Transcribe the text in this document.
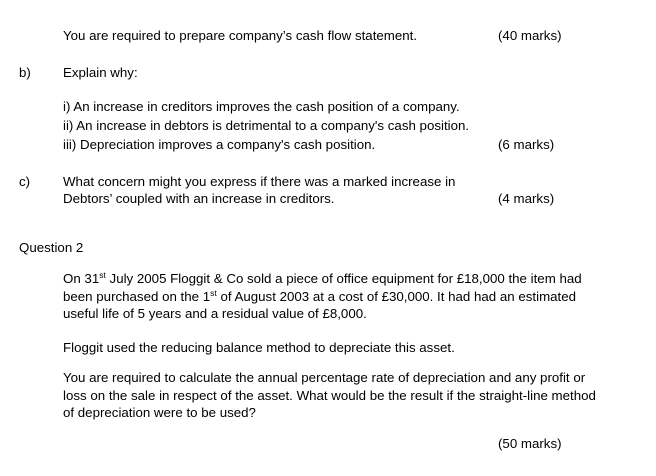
You are required to prepare company’s cash flow statement.	(40 marks)
b) Explain why:
i) An increase in creditors improves the cash position of a company.
ii) An increase in debtors is detrimental to a company's cash position.
iii) Depreciation improves a company's cash position.	(6 marks)
c) What concern might you express if there was a marked increase in
Debtors’ coupled with an increase in creditors.	(4 marks)
Question 2
On 31st July 2005 Floggit & Co sold a piece of office equipment for £18,000 the item had
been purchased on the 1st of August 2003 at a cost of £30,000. It had had an estimated
useful life of 5 years and a residual value of £8,000.
Floggit used the reducing balance method to depreciate this asset.
You are required to calculate the annual percentage rate of depreciation and any profit or
loss on the sale in respect of the asset. What would be the result if the straight-line method
of depreciation were to be used?
(50 marks)
